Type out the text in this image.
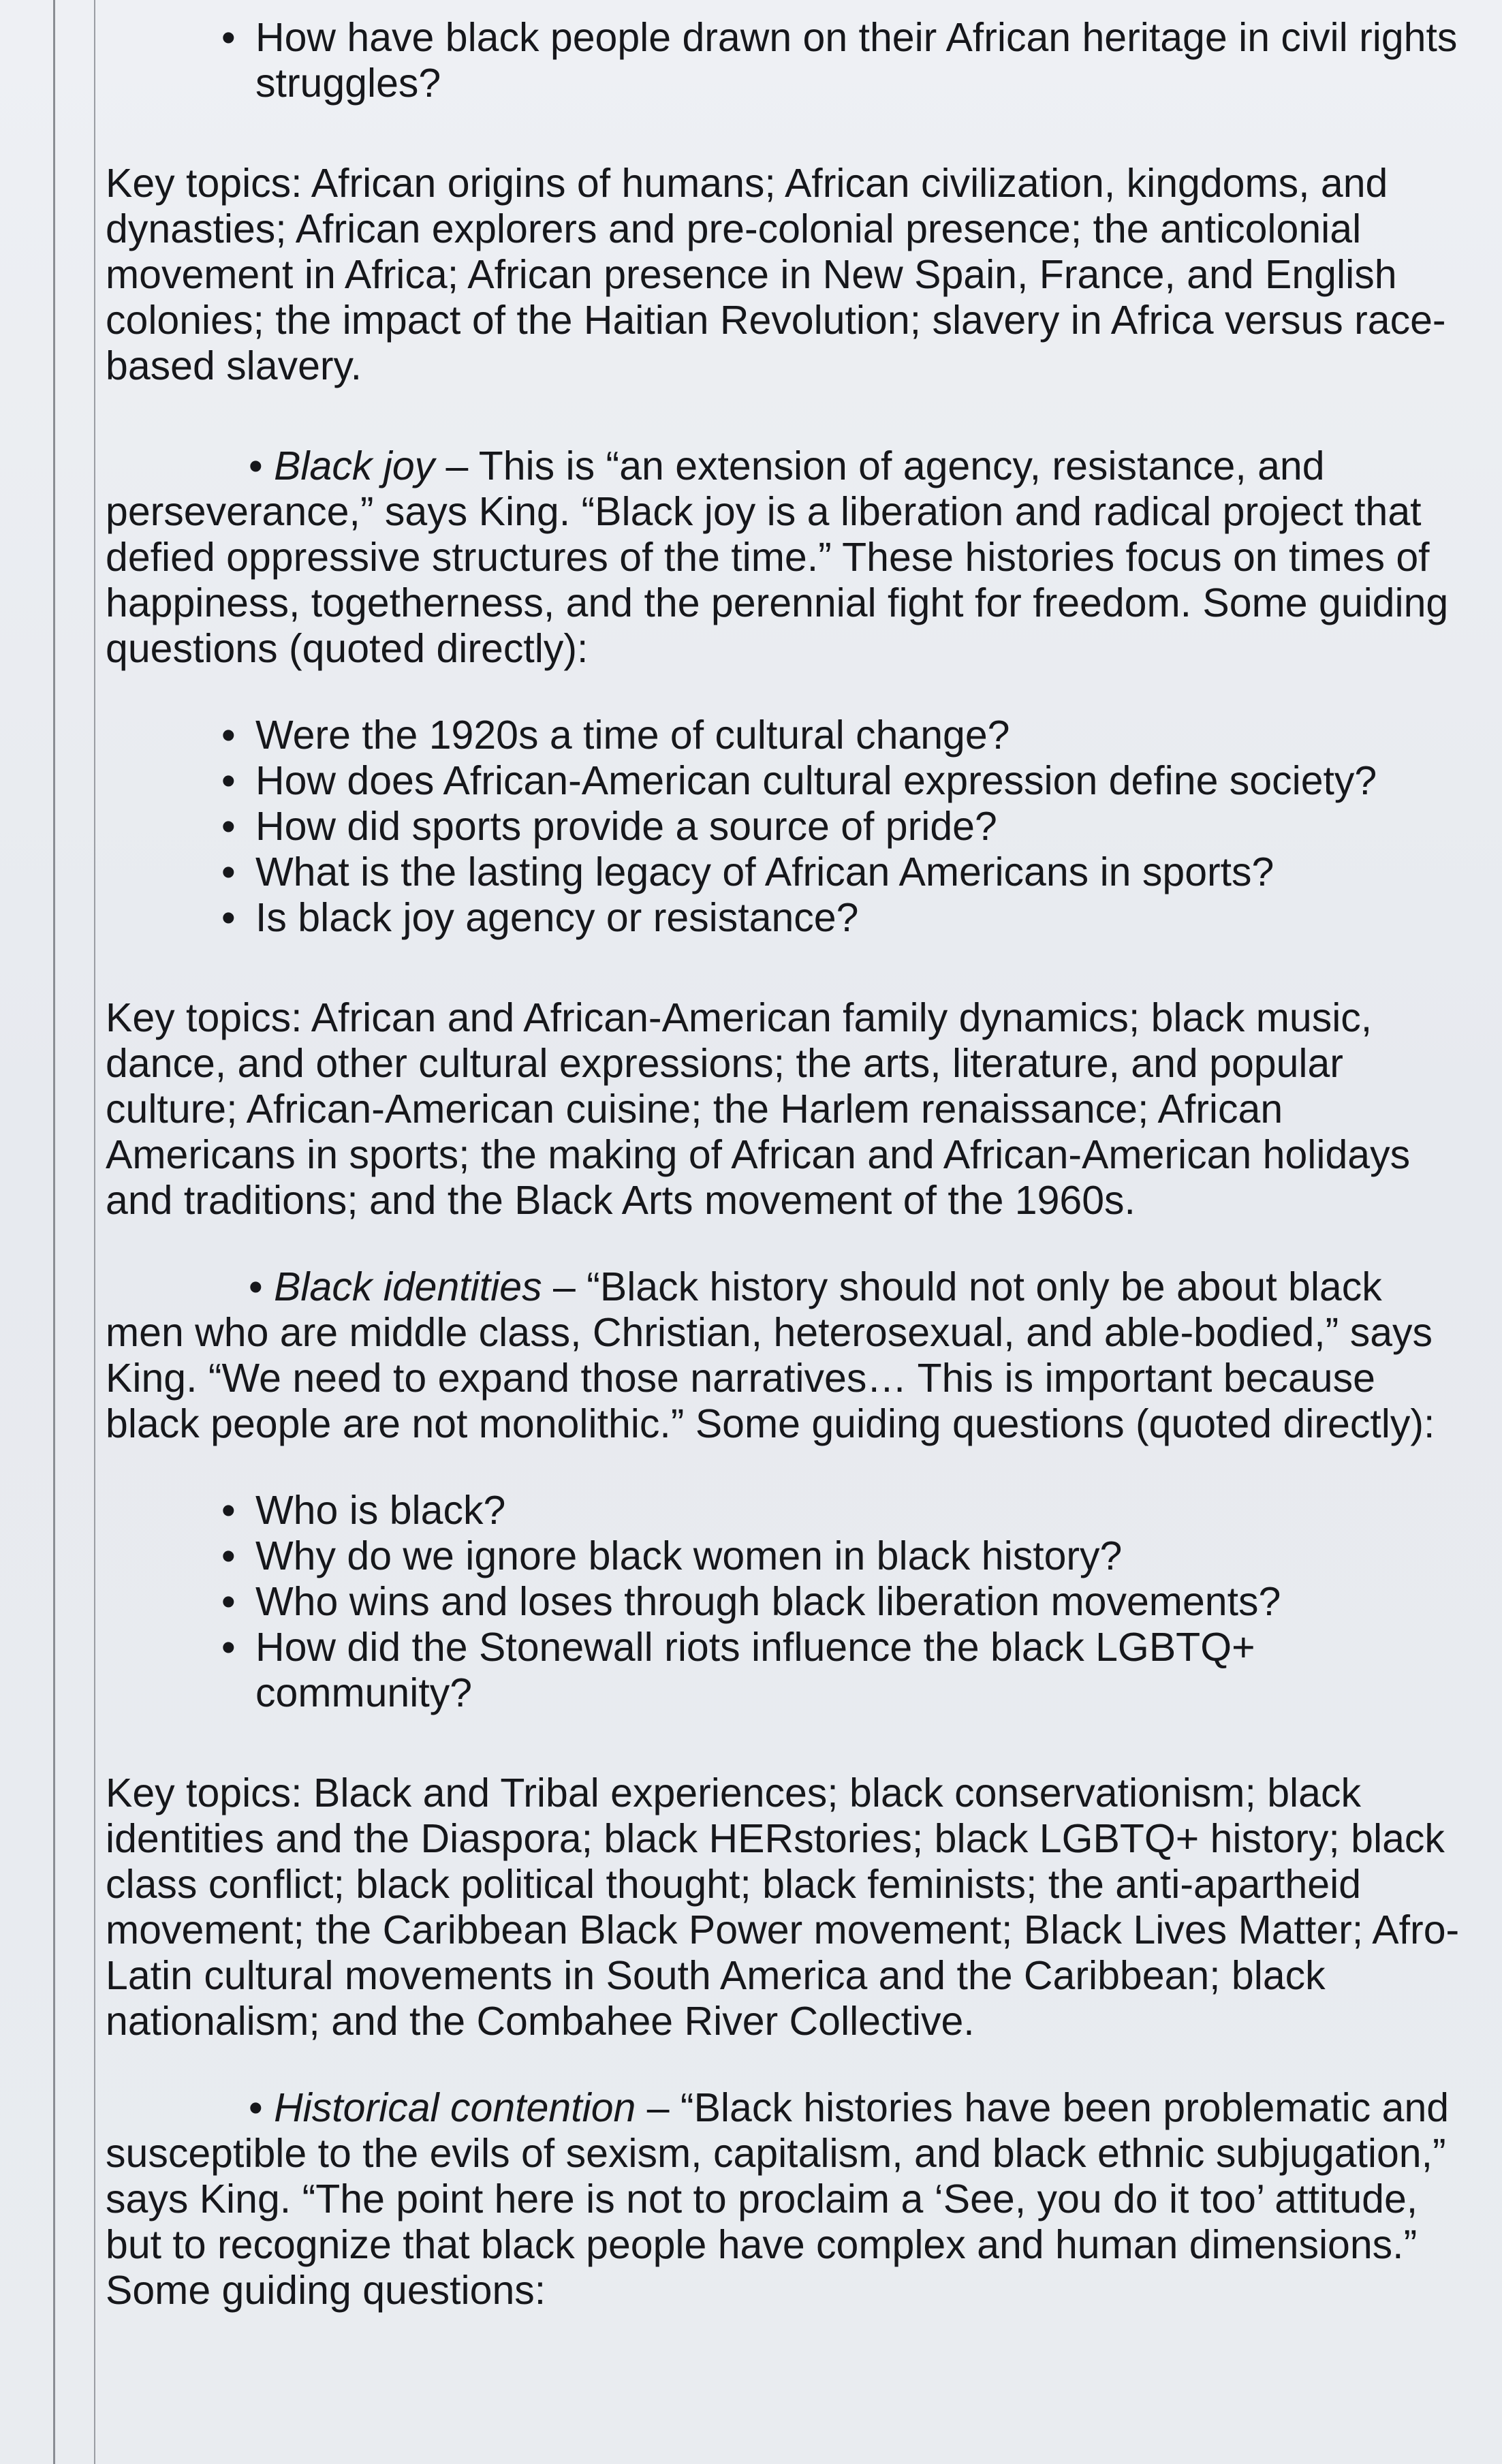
• How have black people drawn on their African heritage in civil rights struggles?

Key topics: African origins of humans; African civilization, kingdoms, and dynasties; African explorers and pre-colonial presence; the anticolonial movement in Africa; African presence in New Spain, France, and English colonies; the impact of the Haitian Revolution; slavery in Africa versus race-based slavery.

• Black joy – This is “an extension of agency, resistance, and perseverance,” says King. “Black joy is a liberation and radical project that defied oppressive structures of the time.” These histories focus on times of happiness, togetherness, and the perennial fight for freedom. Some guiding questions (quoted directly):

• Were the 1920s a time of cultural change?
• How does African-American cultural expression define society?
• How did sports provide a source of pride?
• What is the lasting legacy of African Americans in sports?
• Is black joy agency or resistance?

Key topics: African and African-American family dynamics; black music, dance, and other cultural expressions; the arts, literature, and popular culture; African-American cuisine; the Harlem renaissance; African Americans in sports; the making of African and African-American holidays and traditions; and the Black Arts movement of the 1960s.

• Black identities – “Black history should not only be about black men who are middle class, Christian, heterosexual, and able-bodied,” says King. “We need to expand those narratives… This is important because black people are not monolithic.” Some guiding questions (quoted directly):

• Who is black?
• Why do we ignore black women in black history?
• Who wins and loses through black liberation movements?
• How did the Stonewall riots influence the black LGBTQ+ community?

Key topics: Black and Tribal experiences; black conservationism; black identities and the Diaspora; black HERstories; black LGBTQ+ history; black class conflict; black political thought; black feminists; the anti-apartheid movement; the Caribbean Black Power movement; Black Lives Matter; Afro-Latin cultural movements in South America and the Caribbean; black nationalism; and the Combahee River Collective.

• Historical contention – “Black histories have been problematic and susceptible to the evils of sexism, capitalism, and black ethnic subjugation,” says King. “The point here is not to proclaim a ‘See, you do it too’ attitude, but to recognize that black people have complex and human dimensions.” Some guiding questions:
